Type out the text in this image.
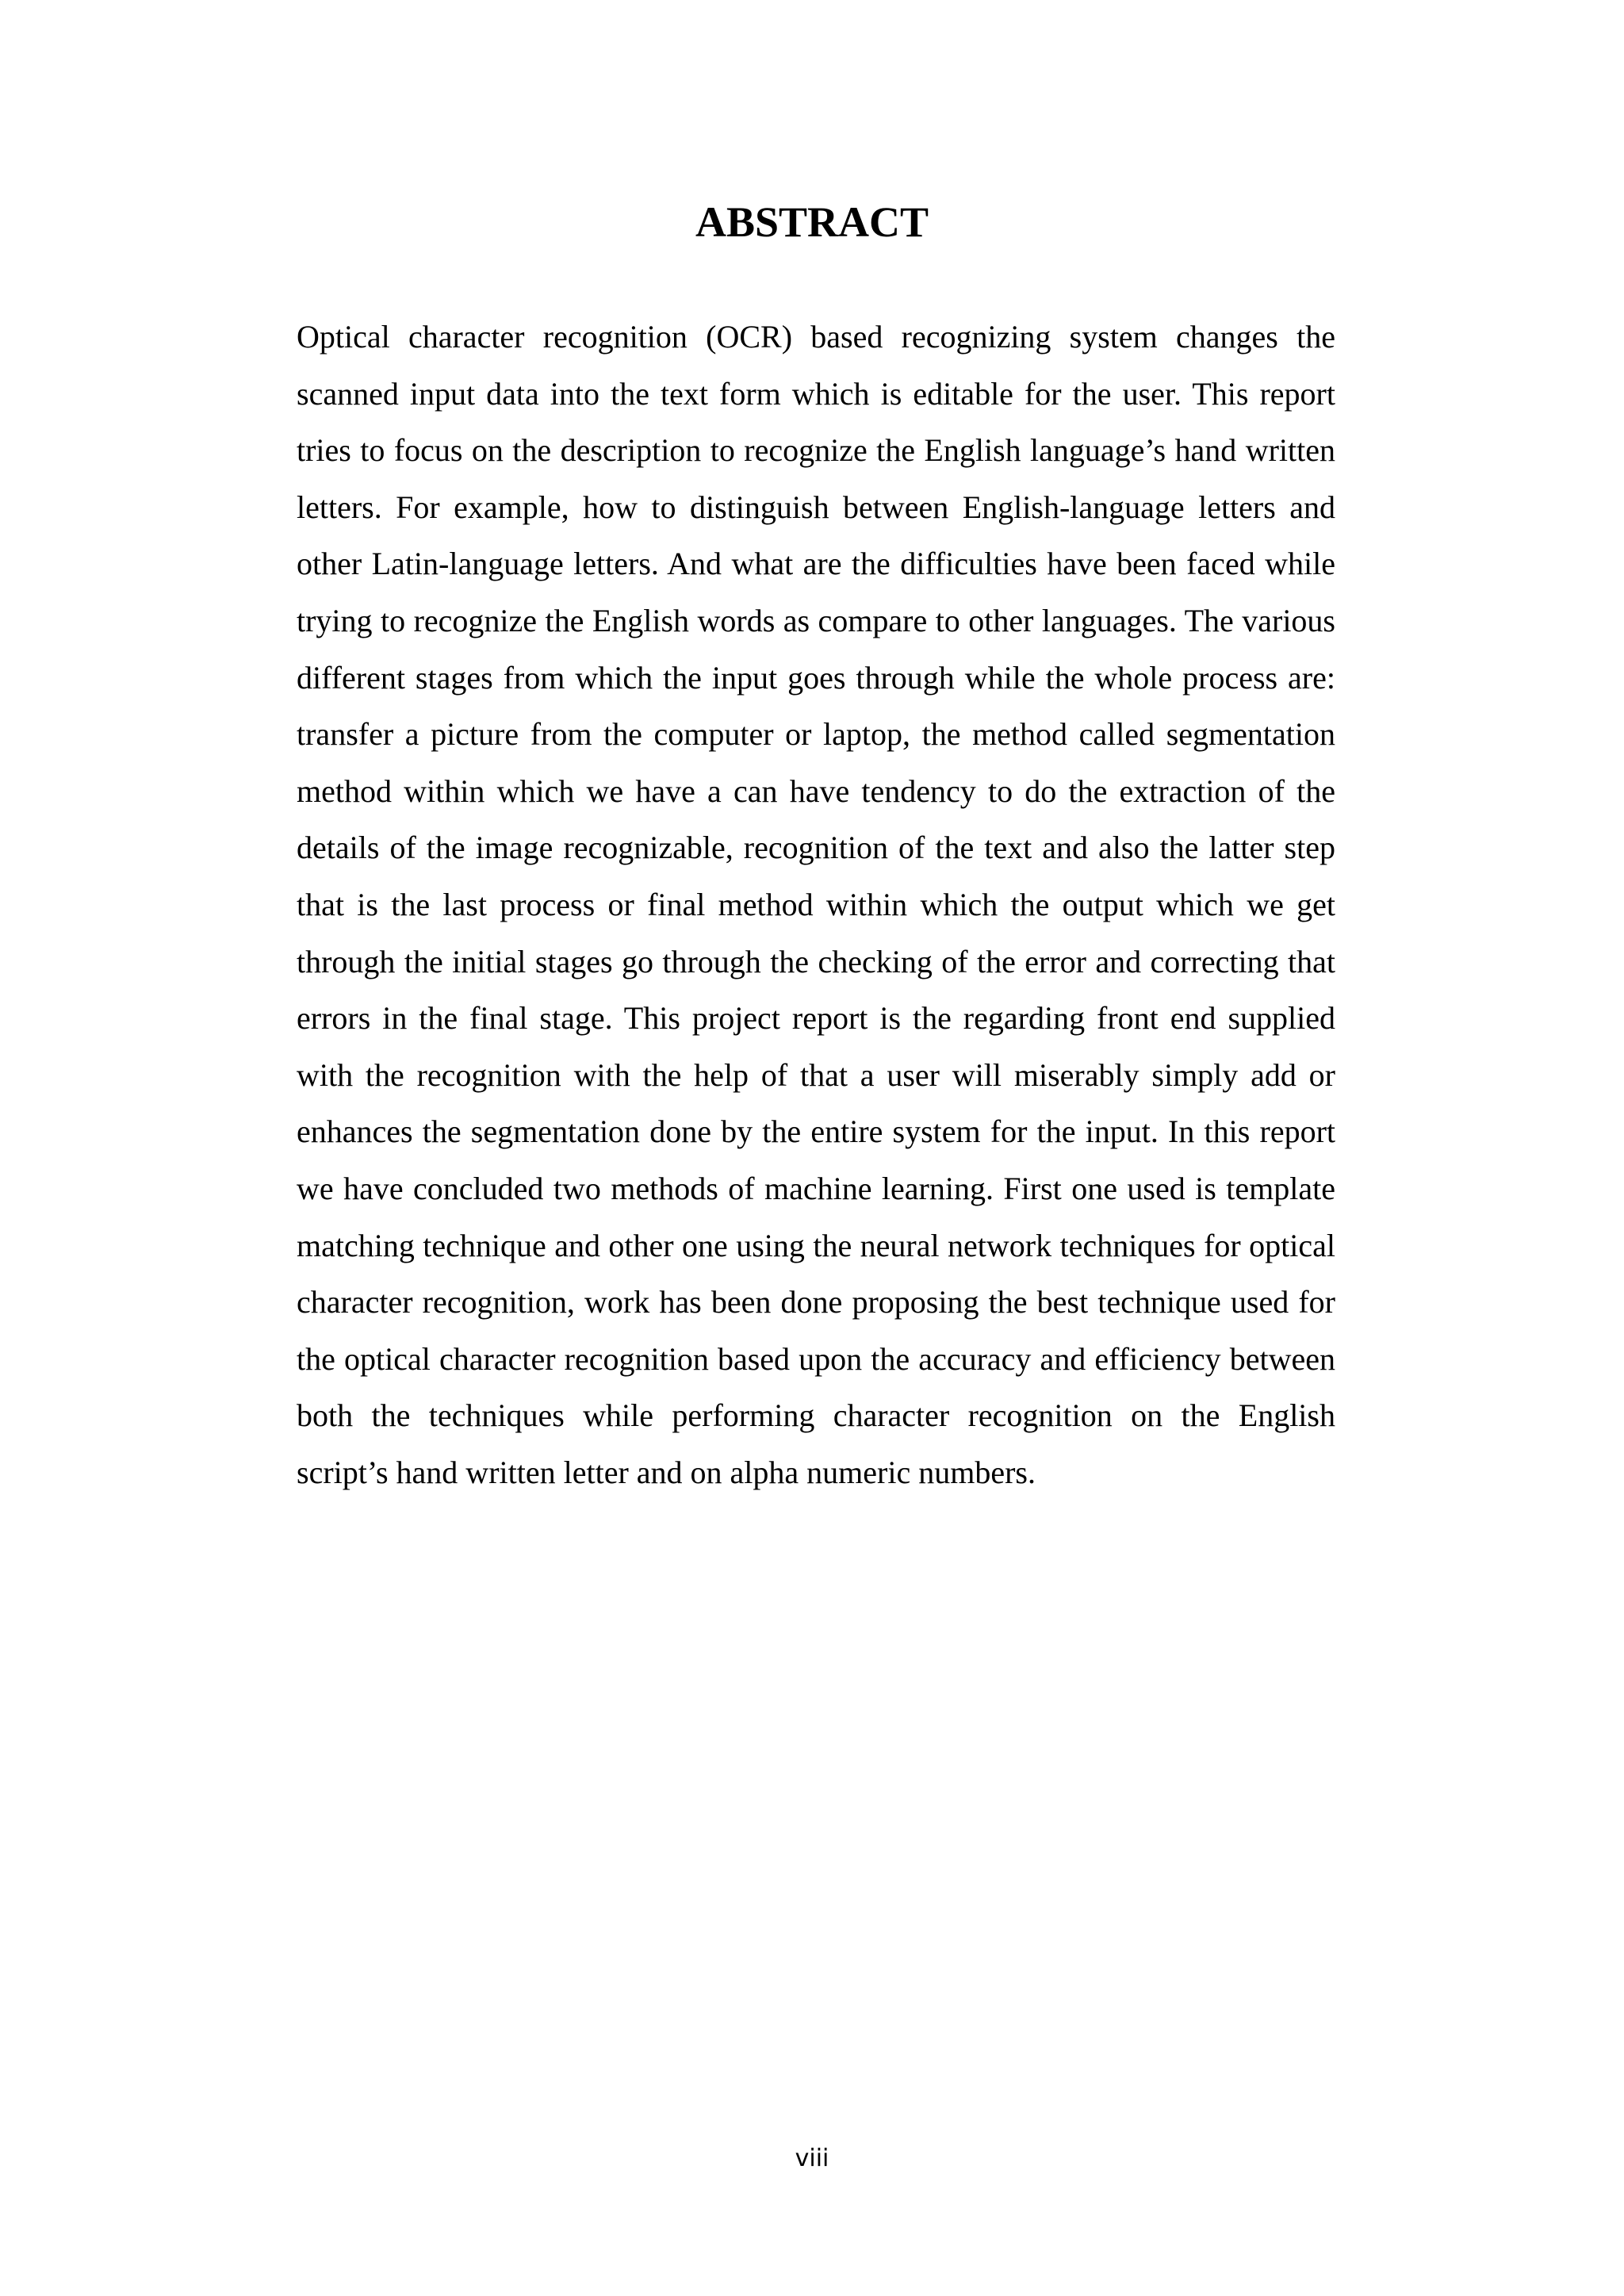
ABSTRACT

Optical character recognition (OCR) based recognizing system changes the scanned input data into the text form which is editable for the user. This report tries to focus on the description to recognize the English language’s hand written letters. For example, how to distinguish between English-language letters and other Latin-language letters. And what are the difficulties have been faced while trying to recognize the English words as compare to other languages. The various different stages from which the input goes through while the whole process are: transfer a picture from the computer or laptop, the method called segmentation method within which we have a can have tendency to do the extraction of the details of the image recognizable, recognition of the text and also the latter step that is the last process or final method within which the output which we get through the initial stages go through the checking of the error and correcting that errors in the final stage. This project report is the regarding front end supplied with the recognition with the help of that a user will miserably simply add or enhances the segmentation done by the entire system for the input. In this report we have concluded two methods of machine learning. First one used is template matching technique and other one using the neural network techniques for optical character recognition, work has been done proposing the best technique used for the optical character recognition based upon the accuracy and efficiency between both the techniques while performing character recognition on the English script’s hand written letter and on alpha numeric numbers.

viii
